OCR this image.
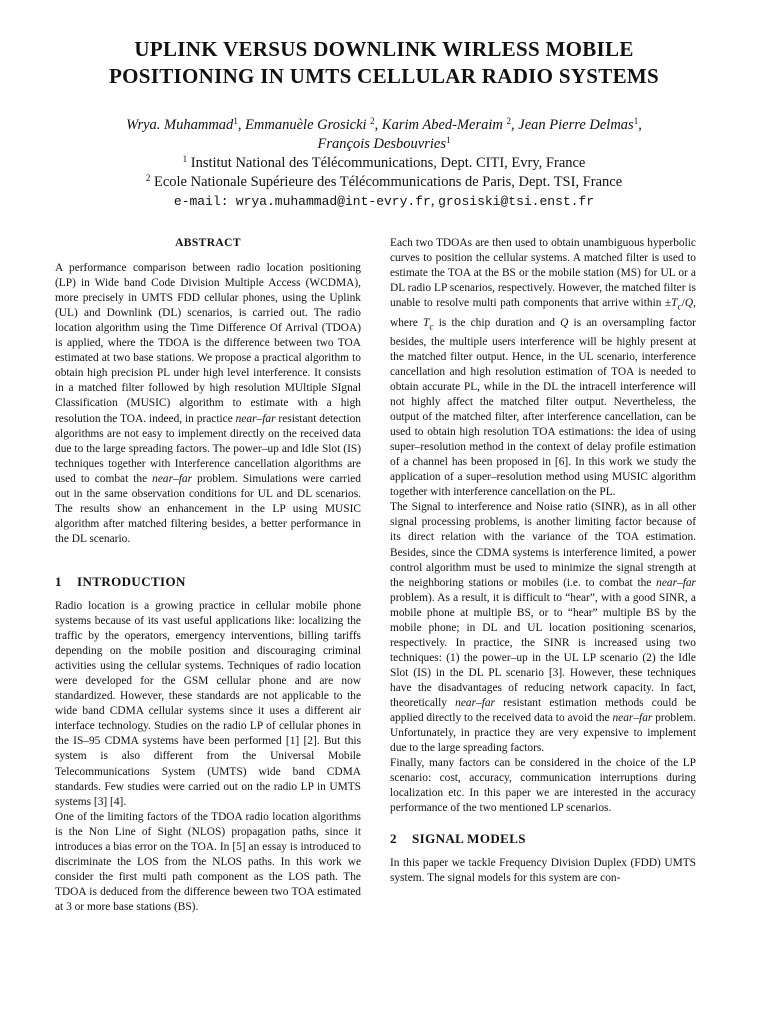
UPLINK VERSUS DOWNLINK WIRLESS MOBILE
POSITIONING IN UMTS CELLULAR RADIO SYSTEMS
Wrya. Muhammad$^1$, Emmanuèle Grosicki $^2$, Karim Abed-Meraim $^2$, Jean Pierre Delmas$^1$,
François Desbouvries$^1$
$^1$ Institut National des Télécommunications, Dept. CITI, Evry, France
$^2$ Ecole Nationale Supérieure des Télécommunications de Paris, Dept. TSI, France
e-mail: wrya.muhammad@int-evry.fr, grosiski@tsi.enst.fr
ABSTRACT

A performance comparison between radio location positioning (LP) in Wide band Code Division Multiple Access (WCDMA), more precisely in UMTS FDD cellular phones, using the Uplink (UL) and Downlink (DL) scenarios, is carried out. The radio location algorithm using the Time Difference Of Arrival (TDOA) is applied, where the TDOA is the difference between two TOA estimated at two base stations. We propose a practical algorithm to obtain high precision PL under high level interference. It consists in a matched filter followed by high resolution MUltiple SIgnal Classification (MUSIC) algorithm to estimate with a high resolution the TOA. indeed, in practice near–far resistant detection algorithms are not easy to implement directly on the received data due to the large spreading factors. The power–up and Idle Slot (IS) techniques together with Interference cancellation algorithms are used to combat the near–far problem. Simulations were carried out in the same observation conditions for UL and DL scenarios. The results show an enhancement in the LP using MUSIC algorithm after matched filtering besides, a better performance in the DL scenario.

1 INTRODUCTION

Radio location is a growing practice in cellular mobile phone systems because of its vast useful applications like: localizing the traffic by the operators, emergency interventions, billing tariffs depending on the mobile position and discouraging criminal activities using the cellular systems. Techniques of radio location were developed for the GSM cellular phone and are now standardized. However, these standards are not applicable to the wide band CDMA cellular systems since it uses a different air interface technology. Studies on the radio LP of cellular phones in the IS–95 CDMA systems have been performed [1] [2]. But this system is also different from the Universal Mobile Telecommunications System (UMTS) wide band CDMA standards. Few studies were carried out on the radio LP in UMTS systems [3] [4].

One of the limiting factors of the TDOA radio location algorithms is the Non Line of Sight (NLOS) propagation paths, since it introduces a bias error on the TOA. In [5] an essay is introduced to discriminate the LOS from the NLOS paths. In this work we consider the first multi path component as the LOS path. The TDOA is deduced from the difference beween two TOA estimated at 3 or more base stations (BS).

Each two TDOAs are then used to obtain unambiguous hyperbolic curves to position the cellular systems. A matched filter is used to estimate the TOA at the BS or the mobile station (MS) for UL or a DL radio LP scenarios, respectively. However, the matched filter is unable to resolve multi path components that arrive within $\pm T_c/Q$, where $T_c$ is the chip duration and Q is an oversampling factor besides, the multiple users interference will be highly present at the matched filter output. Hence, in the UL scenario, interference cancellation and high resolution estimation of TOA is needed to obtain accurate PL, while in the DL the intracell interference will not highly affect the matched filter output. Nevertheless, the output of the matched filter, after interference cancellation, can be used to obtain high resolution TOA estimations: the idea of using super–resolution method in the context of delay profile estimation of a channel has been proposed in [6]. In this work we study the application of a super–resolution method using MUSIC algorithm together with interference cancellation on the PL.

The Signal to interference and Noise ratio (SINR), as in all other signal processing problems, is another limiting factor because of its direct relation with the variance of the TOA estimation. Besides, since the CDMA systems is interference limited, a power control algorithm must be used to minimize the signal strength at the neighboring stations or mobiles (i.e. to combat the near–far problem). As a result, it is difficult to “hear”, with a good SINR, a mobile phone at multiple BS, or to “hear” multiple BS by the mobile phone; in DL and UL location positioning scenarios, respectively. In practice, the SINR is increased using two techniques: (1) the power–up in the UL LP scenario (2) the Idle Slot (IS) in the DL PL scenario [3]. However, these techniques have the disadvantages of reducing network capacity. In fact, theoretically near–far resistant estimation methods could be applied directly to the received data to avoid the near–far problem. Unfortunately, in practice they are very expensive to implement due to the large spreading factors.

Finally, many factors can be considered in the choice of the LP scenario: cost, accuracy, communication interruptions during localization etc. In this paper we are interested in the accuracy performance of the two mentioned LP scenarios.

2 SIGNAL MODELS

In this paper we tackle Frequency Division Duplex (FDD) UMTS system. The signal models for this system are con-
